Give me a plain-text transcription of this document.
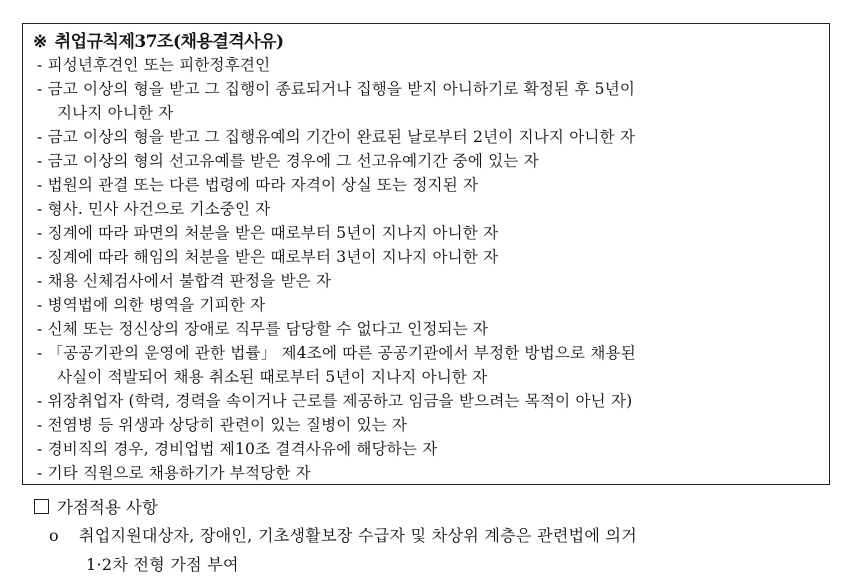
※ 취업규칙제37조(채용결격사유)
- 피성년후견인 또는 피한정후견인
- 금고 이상의 형을 받고 그 집행이 종료되거나 집행을 받지 아니하기로 확정된 후 5년이
지나지 아니한 자
- 금고 이상의 형을 받고 그 집행유예의 기간이 완료된 날로부터 2년이 지나지 아니한 자
- 금고 이상의 형의 선고유예를 받은 경우에 그 선고유예기간 중에 있는 자
- 법원의 관결 또는 다른 법령에 따라 자격이 상실 또는 정지된 자
- 형사. 민사 사건으로 기소중인 자
- 징계에 따라 파면의 처분을 받은 때로부터 5년이 지나지 아니한 자
- 징계에 따라 해임의 처분을 받은 때로부터 3년이 지나지 아니한 자
- 채용 신체검사에서 불합격 판정을 받은 자
- 병역법에 의한 병역을 기피한 자
- 신체 또는 정신상의 장애로 직무를 담당할 수 없다고 인정되는 자
- 「공공기관의 운영에 관한 법률」 제4조에 따른 공공기관에서 부정한 방법으로 채용된
사실이 적발되어 채용 취소된 때로부터 5년이 지나지 아니한 자
- 위장취업자 (학력, 경력을 속이거나 근로를 제공하고 임금을 받으려는 목적이 아닌 자)
- 전염병 등 위생과 상당히 관련이 있는 질병이 있는 자
- 경비직의 경우, 경비업법 제10조 결격사유에 해당하는 자
- 기타 직원으로 채용하기가 부적당한 자
가점적용 사항
o 취업지원대상자, 장애인, 기초생활보장 수급자 및 차상위 계층은 관련법에 의거
1·2차 전형 가점 부여
